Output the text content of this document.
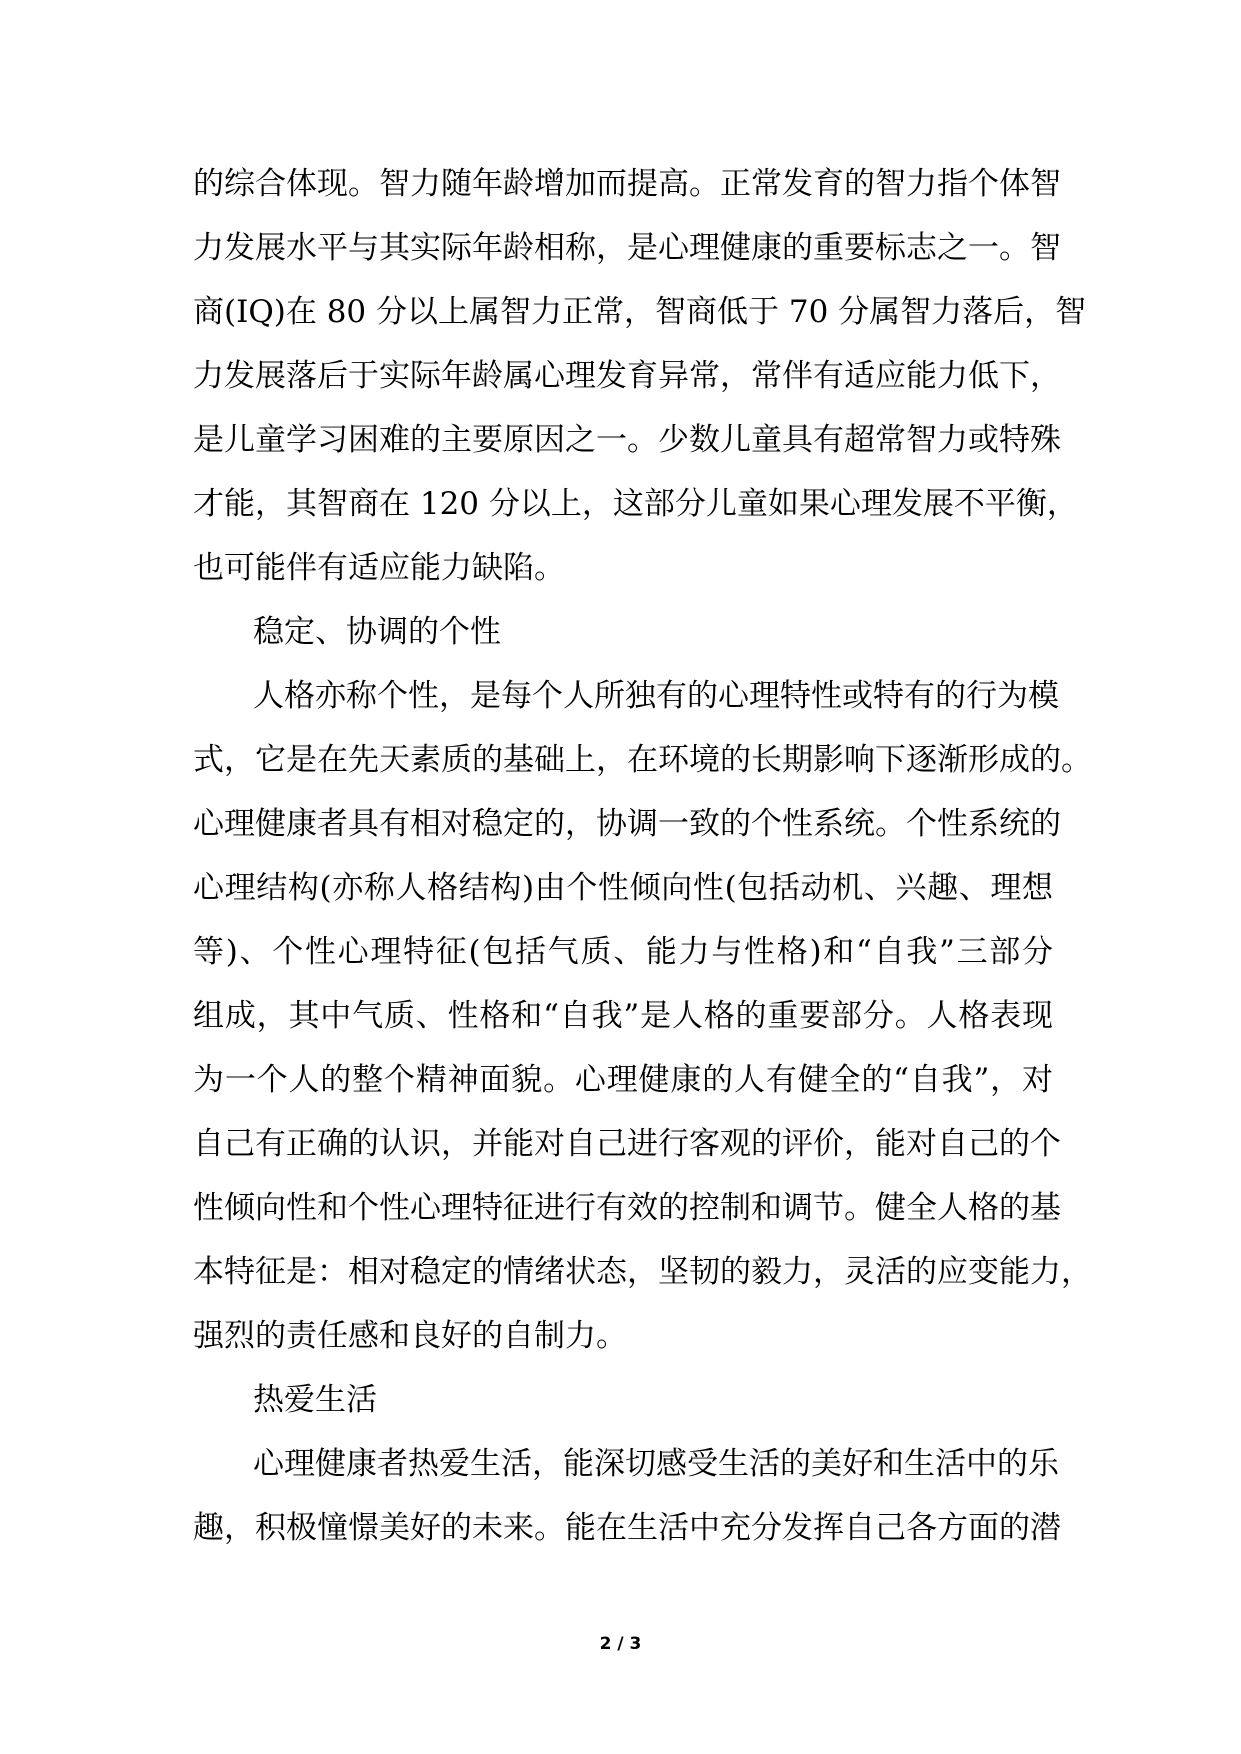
的综合体现。智力随年龄增加而提高。正常发育的智力指个体智
力发展水平与其实际年龄相称，是心理健康的重要标志之一。智
商(IQ)在 80 分以上属智力正常，智商低于 70 分属智力落后，智
力发展落后于实际年龄属心理发育异常，常伴有适应能力低下，
是儿童学习困难的主要原因之一。少数儿童具有超常智力或特殊
才能，其智商在 120 分以上，这部分儿童如果心理发展不平衡，
也可能伴有适应能力缺陷。
稳定、协调的个性
人格亦称个性，是每个人所独有的心理特性或特有的行为模
式，它是在先天素质的基础上，在环境的长期影响下逐渐形成的。
心理健康者具有相对稳定的，协调一致的个性系统。个性系统的
心理结构(亦称人格结构)由个性倾向性(包括动机、兴趣、理想
等)、个性心理特征(包括气质、能力与性格)和“自我”三部分
组成，其中气质、性格和“自我”是人格的重要部分。人格表现
为一个人的整个精神面貌。心理健康的人有健全的“自我”，对
自己有正确的认识，并能对自己进行客观的评价，能对自己的个
性倾向性和个性心理特征进行有效的控制和调节。健全人格的基
本特征是：相对稳定的情绪状态，坚韧的毅力，灵活的应变能力，
强烈的责任感和良好的自制力。
热爱生活
心理健康者热爱生活，能深切感受生活的美好和生活中的乐
趣，积极憧憬美好的未来。能在生活中充分发挥自己各方面的潜
2 / 3
